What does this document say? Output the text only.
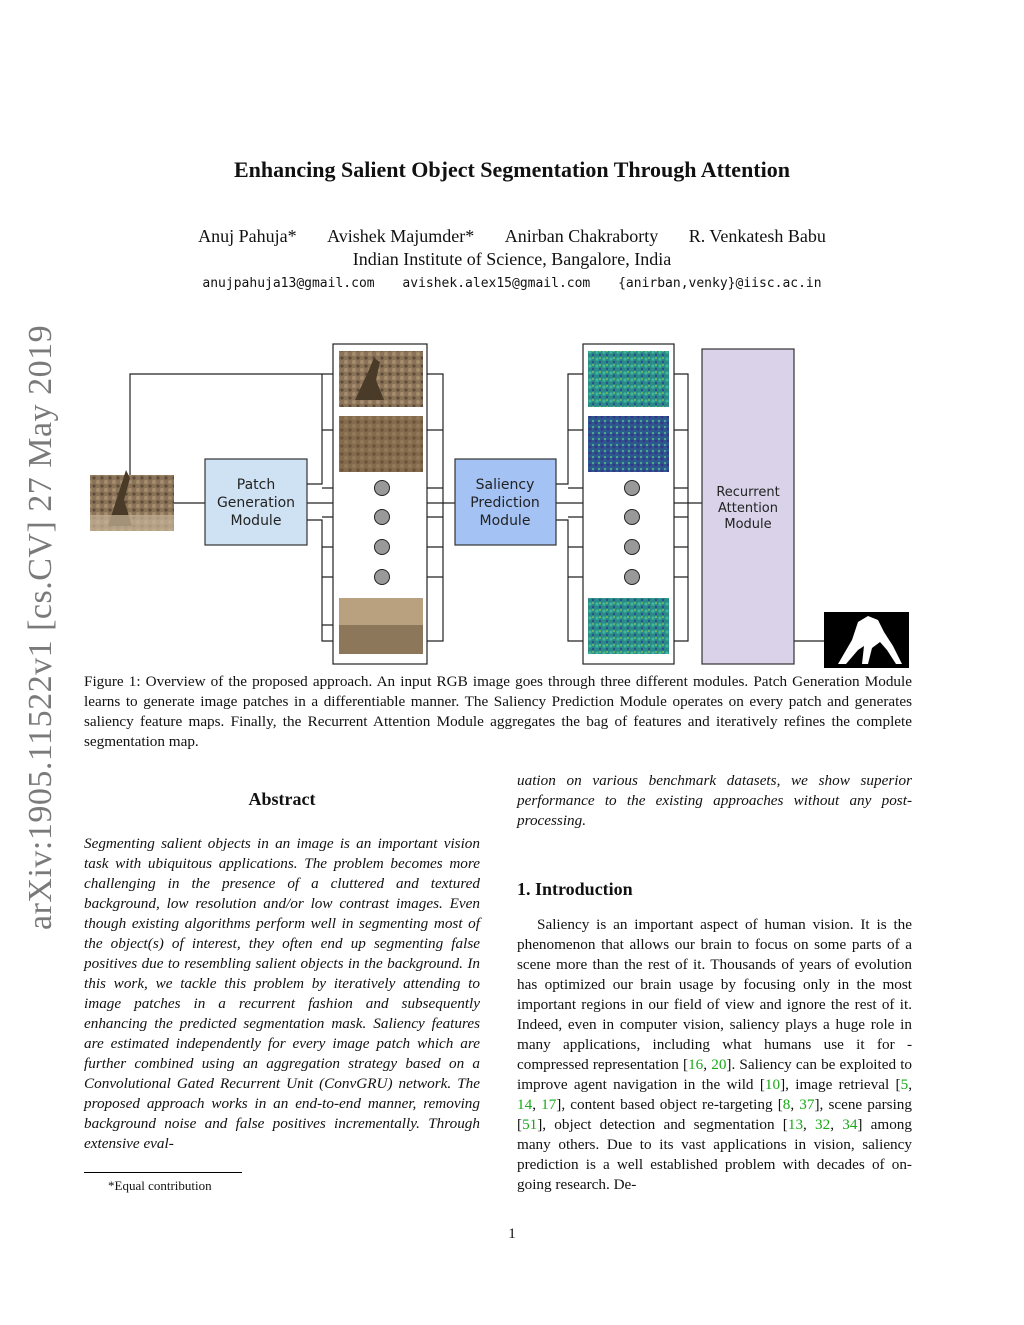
Enhancing Salient Object Segmentation Through Attention
Anuj Pahuja* Avishek Majumder* Anirban Chakraborty R. Venkatesh Babu
Indian Institute of Science, Bangalore, India
anujpahuja13@gmail.com avishek.alex15@gmail.com {anirban,venky}@iisc.ac.in
arXiv:1905.11522v1 [cs.CV] 27 May 2019	Patch
Generation
Module
Saliency
Prediction
Module
Recurrent
Attention
Module
Figure 1: Overview of the proposed approach. An input RGB image goes through three different modules. Patch Generation Module learns to generate image patches in a differentiable manner. The Saliency Prediction Module operates on every patch and generates saliency feature maps. Finally, the Recurrent Attention Module aggregates the bag of features and iteratively refines the complete segmentation map.
Abstract
Segmenting salient objects in an image is an important vision task with ubiquitous applications. The problem becomes more challenging in the presence of a cluttered and textured background, low resolution and/or low contrast images. Even though existing algorithms perform well in segmenting most of the object(s) of interest, they often end up segmenting false positives due to resembling salient objects in the background. In this work, we tackle this problem by iteratively attending to image patches in a recurrent fashion and subsequently enhancing the predicted segmentation mask. Saliency features are estimated independently for every image patch which are further combined using an aggregation strategy based on a Convolutional Gated Recurrent Unit (ConvGRU) network. The proposed approach works in an end-to-end manner, removing background noise and false positives incrementally. Through extensive eval-
*Equal contribution
uation on various benchmark datasets, we show superior performance to the existing approaches without any post-processing.
1. Introduction
Saliency is an important aspect of human vision. It is the phenomenon that allows our brain to focus on some parts of a scene more than the rest of it. Thousands of years of evolution has optimized our brain usage by focusing only in the most important regions in our field of view and ignore the rest of it. Indeed, even in computer vision, saliency plays a huge role in many applications, including what humans use it for - compressed representation [16, 20]. Saliency can be exploited to improve agent navigation in the wild [10], image retrieval [5, 14, 17], content based object re-targeting [8, 37], scene parsing [51], object detection and segmentation [13, 32, 34] among many others. Due to its vast applications in vision, saliency prediction is a well established problem with decades of on-going research. De-
1
